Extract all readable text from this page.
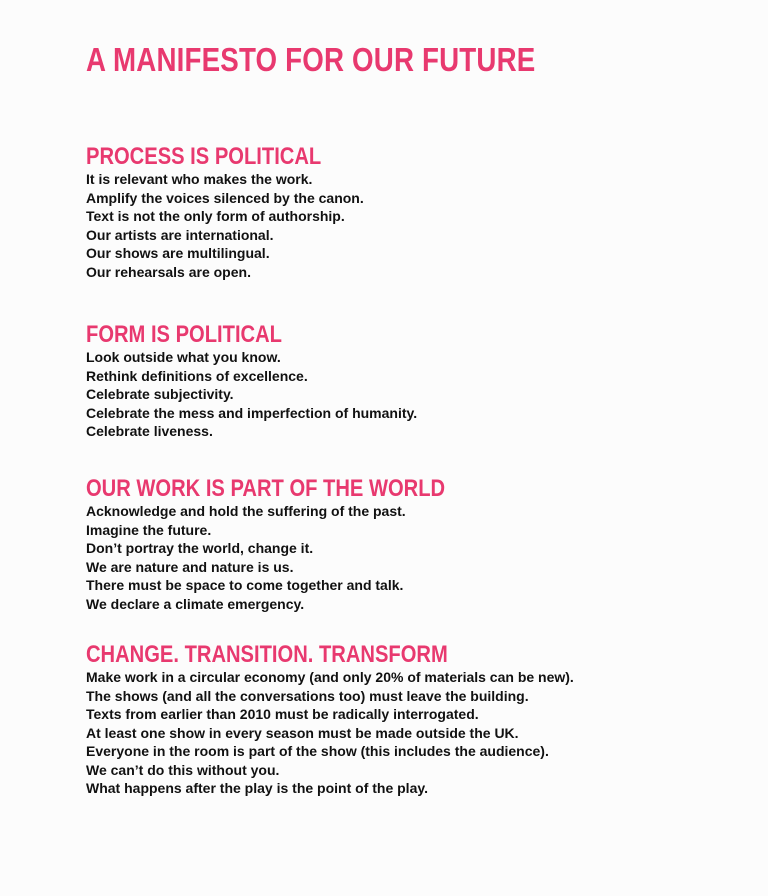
A MANIFESTO FOR OUR FUTURE
PROCESS IS POLITICAL
It is relevant who makes the work.
Amplify the voices silenced by the canon.
Text is not the only form of authorship.
Our artists are international.
Our shows are multilingual.
Our rehearsals are open.
FORM IS POLITICAL
Look outside what you know.
Rethink definitions of excellence.
Celebrate subjectivity.
Celebrate the mess and imperfection of humanity.
Celebrate liveness.
OUR WORK IS PART OF THE WORLD
Acknowledge and hold the suffering of the past.
Imagine the future.
Don’t portray the world, change it.
We are nature and nature is us.
There must be space to come together and talk.
We declare a climate emergency.
CHANGE. TRANSITION. TRANSFORM
Make work in a circular economy (and only 20% of materials can be new).
The shows (and all the conversations too) must leave the building.
Texts from earlier than 2010 must be radically interrogated.
At least one show in every season must be made outside the UK.
Everyone in the room is part of the show (this includes the audience).
We can’t do this without you.
What happens after the play is the point of the play.
